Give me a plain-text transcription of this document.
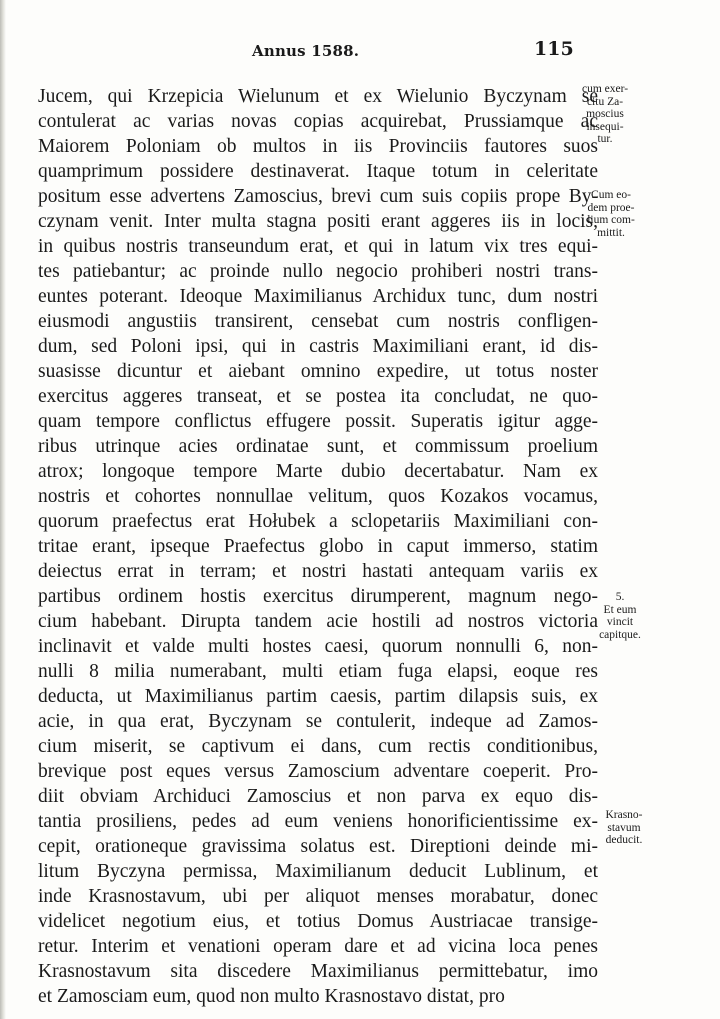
Annus 1588.	115
Jucem, qui Krzepicia Wielunum et ex Wielunio Byczynam se
contulerat ac varias novas copias acquirebat, Prussiamque ac
Maiorem Poloniam ob multos in iis Provinciis fautores suos
quamprimum possidere destinaverat. Itaque totum in celeritate
positum esse advertens Zamoscius, brevi cum suis copiis prope By-
czynam venit. Inter multa stagna positi erant aggeres iis in locis,
in quibus nostris transeundum erat, et qui in latum vix tres equi-
tes patiebantur; ac proinde nullo negocio prohiberi nostri trans-
euntes poterant. Ideoque Maximilianus Archidux tunc, dum nostri
eiusmodi angustiis transirent, censebat cum nostris confligen-
dum, sed Poloni ipsi, qui in castris Maximiliani erant, id dis-
suasisse dicuntur et aiebant omnino expedire, ut totus noster
exercitus aggeres transeat, et se postea ita concludat, ne quo-
quam tempore conflictus effugere possit. Superatis igitur agge-
ribus utrinque acies ordinatae sunt, et commissum proelium
atrox; longoque tempore Marte dubio decertabatur. Nam ex
nostris et cohortes nonnullae velitum, quos Kozakos vocamus,
quorum praefectus erat Hołubek a sclopetariis Maximiliani con-
tritae erant, ipseque Praefectus globo in caput immerso, statim
deiectus errat in terram; et nostri hastati antequam variis ex
partibus ordinem hostis exercitus dirumperent, magnum nego-
cium habebant. Dirupta tandem acie hostili ad nostros victoria
inclinavit et valde multi hostes caesi, quorum nonnulli 6, non-
nulli 8 milia numerabant, multi etiam fuga elapsi, eoque res
deducta, ut Maximilianus partim caesis, partim dilapsis suis, ex
acie, in qua erat, Byczynam se contulerit, indeque ad Zamos-
cium miserit, se captivum ei dans, cum rectis conditionibus,
brevique post eques versus Zamoscium adventare coeperit. Pro-
diit obviam Archiduci Zamoscius et non parva ex equo dis-
tantia prosiliens, pedes ad eum veniens honorificientissime ex-
cepit, orationeque gravissima solatus est. Direptioni deinde mi-
litum Byczyna permissa, Maximilianum deducit Lublinum, et
inde Krasnostavum, ubi per aliquot menses morabatur, donec
videlicet negotium eius, et totius Domus Austriacae transige-
retur. Interim et venationi operam dare et ad vicina loca penes
Krasnostavum sita discedere Maximilianus permittebatur, imo
et Zamosciam eum, quod non multo Krasnostavo distat, pro
cum exer-
citu Za-
moscius
insequi-
tur.
Cum eo-
dem proe-
lium com-
mittit.
5.
Et eum
vincit
capitque.
Krasno-
stavum
deducit.
